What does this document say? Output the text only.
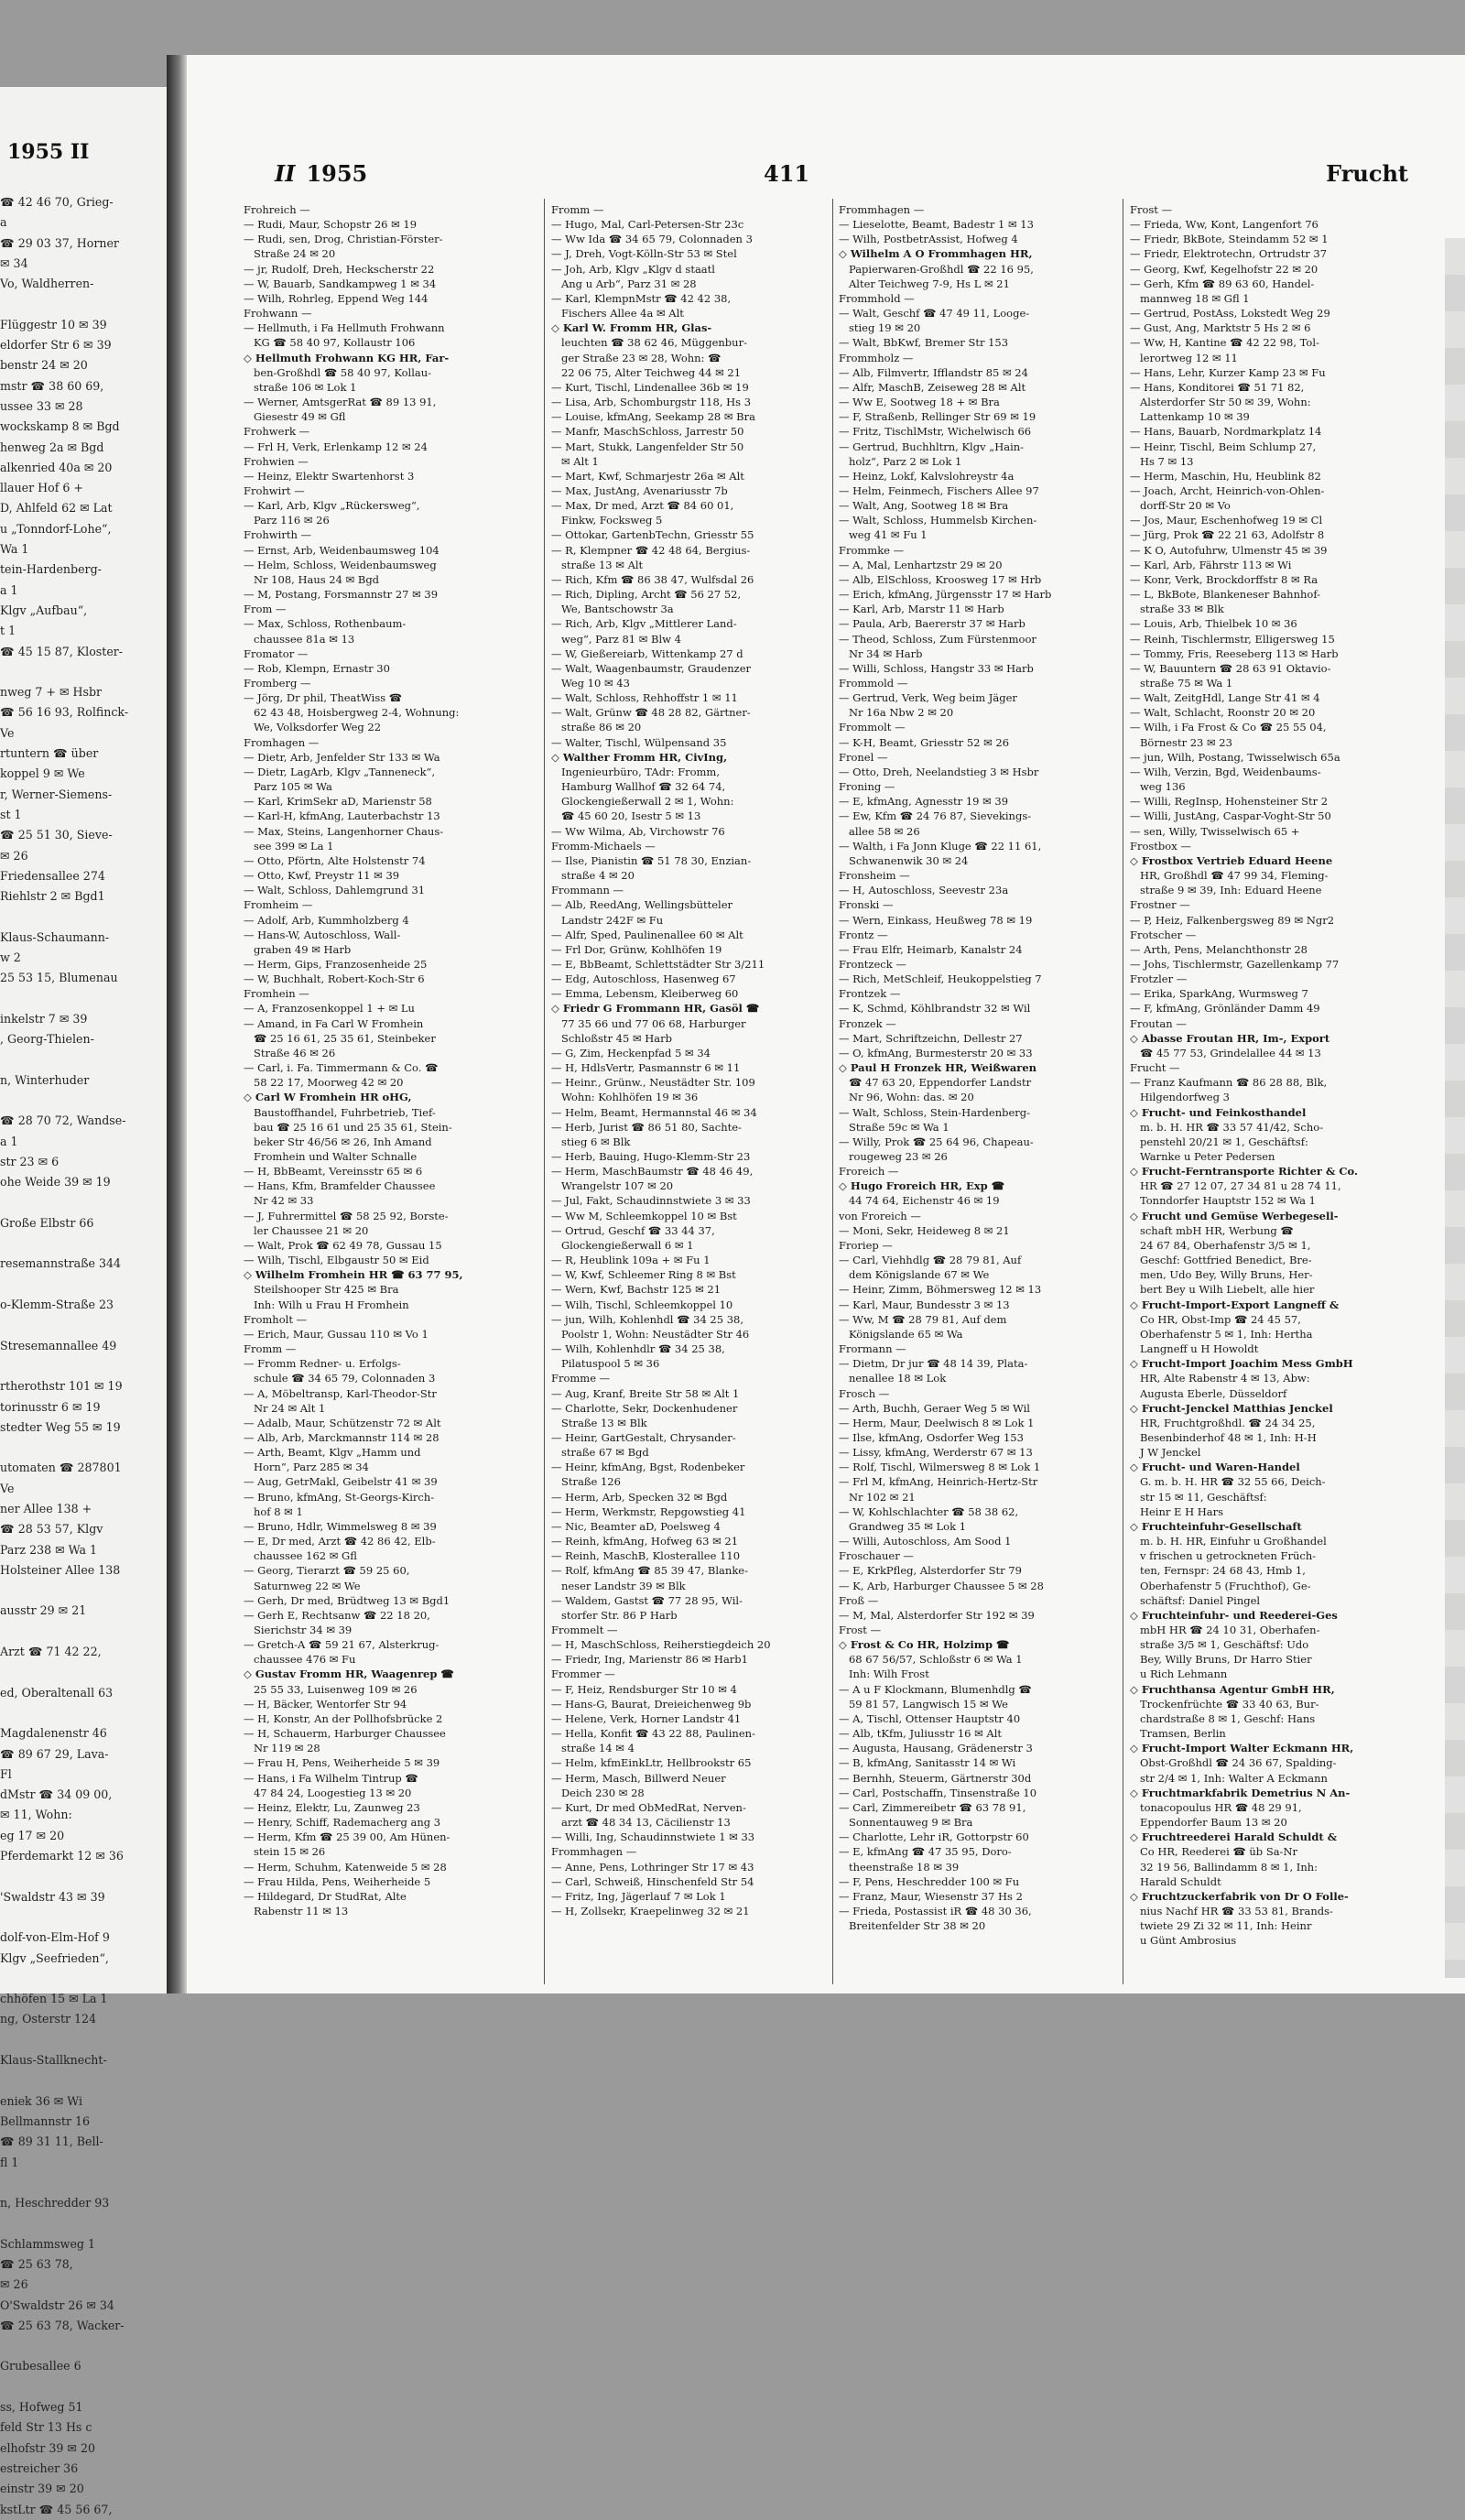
1955 II
☎ 42 46 70, Grieg-
a
☎ 29 03 37, Horner
✉ 34
Vo, Waldherren-

Flüggestr 10 ✉ 39
eldorfer Str 6 ✉ 39
benstr 24 ✉ 20
mstr ☎ 38 60 69,
ussee 33 ✉ 28
wockskamp 8 ✉ Bgd
henweg 2a ✉ Bgd
alkenried 40a ✉ 20
llauer Hof 6 +
D, Ahlfeld 62 ✉ Lat
u „Tonndorf-Lohe“,
Wa 1
tein-Hardenberg-
a 1
Klgv „Aufbau“,
t 1
☎ 45 15 87, Kloster-

nweg 7 + ✉ Hsbr
☎ 56 16 93, Rolfinck-
Ve
rtuntern ☎ über
koppel 9 ✉ We
r, Werner-Siemens-
st 1
☎ 25 51 30, Sieve-
✉ 26
Friedensallee 274
Riehlstr 2 ✉ Bgd1

Klaus-Schaumann-
w 2
25 53 15, Blumenau

inkelstr 7 ✉ 39
, Georg-Thielen-

n, Winterhuder

☎ 28 70 72, Wandse-
a 1
str 23 ✉ 6
ohe Weide 39 ✉ 19

Große Elbstr 66

resemannstraße 344

o-Klemm-Straße 23

Stresemannallee 49

rtherothstr 101 ✉ 19
torinusstr 6 ✉ 19
stedter Weg 55 ✉ 19

utomaten ☎ 287801
Ve
ner Allee 138 +
☎ 28 53 57, Klgv
Parz 238 ✉ Wa 1
Holsteiner Allee 138

ausstr 29 ✉ 21

Arzt ☎ 71 42 22,

ed, Oberaltenall 63

Magdalenenstr 46
☎ 89 67 29, Lava-
Fl
dMstr ☎ 34 09 00,
✉ 11, Wohn:
eg 17 ✉ 20
Pferdemarkt 12 ✉ 36

'Swaldstr 43 ✉ 39

dolf-von-Elm-Hof 9
Klgv „Seefrieden“,

chhöfen 15 ✉ La 1
ng, Osterstr 124

Klaus-Stallknecht-

eniek 36 ✉ Wi
Bellmannstr 16
☎ 89 31 11, Bell-
fl 1

n, Heschredder 93

Schlammsweg 1
☎ 25 63 78,
✉ 26
O'Swaldstr 26 ✉ 34
☎ 25 63 78, Wacker-

Grubesallee 6

ss, Hofweg 51
feld Str 13 Hs c
elhofstr 39 ✉ 20
estreicher 36
einstr 39 ✉ 20
kstLtr ☎ 45 56 67,
II 1955	411	Frucht
Frohreich —
— Rudi, Maur, Schopstr 26 ✉ 19
— Rudi, sen, Drog, Christian-Förster-
Straße 24 ✉ 20
— jr, Rudolf, Dreh, Heckscherstr 22
— W, Bauarb, Sandkampweg 1 ✉ 34
— Wilh, Rohrleg, Eppend Weg 144
Frohwann —
— Hellmuth, i Fa Hellmuth Frohwann
KG ☎ 58 40 97, Kollaustr 106
◇ Hellmuth Frohwann KG HR, Far-
ben-Großhdl ☎ 58 40 97, Kollau-
straße 106 ✉ Lok 1
— Werner, AmtsgerRat ☎ 89 13 91,
Giesestr 49 ✉ Gfl
Frohwerk —
— Frl H, Verk, Erlenkamp 12 ✉ 24
Frohwien —
— Heinz, Elektr Swartenhorst 3
Frohwirt —
— Karl, Arb, Klgv „Rückersweg“,
Parz 116 ✉ 26
Frohwirth —
— Ernst, Arb, Weidenbaumsweg 104
— Helm, Schloss, Weidenbaumsweg
Nr 108, Haus 24 ✉ Bgd
— M, Postang, Forsmannstr 27 ✉ 39
From —
— Max, Schloss, Rothenbaum-
chaussee 81a ✉ 13
Fromator —
— Rob, Klempn, Ernastr 30
Fromberg —
— Jörg, Dr phil, TheatWiss ☎
62 43 48, Hoisbergweg 2-4, Wohnung:
We, Volksdorfer Weg 22
Fromhagen —
— Dietr, Arb, Jenfelder Str 133 ✉ Wa
— Dietr, LagArb, Klgv „Tanneneck“,
Parz 105 ✉ Wa
— Karl, KrimSekr aD, Marienstr 58
— Karl-H, kfmAng, Lauterbachstr 13
— Max, Steins, Langenhorner Chaus-
see 399 ✉ La 1
— Otto, Pförtn, Alte Holstenstr 74
— Otto, Kwf, Preystr 11 ✉ 39
— Walt, Schloss, Dahlemgrund 31
Fromheim —
— Adolf, Arb, Kummholzberg 4
— Hans-W, Autoschloss, Wall-
graben 49 ✉ Harb
— Herm, Gips, Franzosenheide 25
— W, Buchhalt, Robert-Koch-Str 6
Fromhein —
— A, Franzosenkoppel 1 + ✉ Lu
— Amand, in Fa Carl W Fromhein
☎ 25 16 61, 25 35 61, Steinbeker
Straße 46 ✉ 26
— Carl, i. Fa. Timmermann & Co. ☎
58 22 17, Moorweg 42 ✉ 20
◇ Carl W Fromhein HR oHG,
Baustoffhandel, Fuhrbetrieb, Tief-
bau ☎ 25 16 61 und 25 35 61, Stein-
beker Str 46/56 ✉ 26, Inh Amand
Fromhein und Walter Schnalle
— H, BbBeamt, Vereinsstr 65 ✉ 6
— Hans, Kfm, Bramfelder Chaussee
Nr 42 ✉ 33
— J, Fuhrermittel ☎ 58 25 92, Borste-
ler Chaussee 21 ✉ 20
— Walt, Prok ☎ 62 49 78, Gussau 15
— Wilh, Tischl, Elbgaustr 50 ✉ Eid
◇ Wilhelm Fromhein HR ☎ 63 77 95,
Steilshooper Str 425 ✉ Bra
Inh: Wilh u Frau H Fromhein
Fromholt —
— Erich, Maur, Gussau 110 ✉ Vo 1
Fromm —
— Fromm Redner- u. Erfolgs-
schule ☎ 34 65 79, Colonnaden 3
— A, Möbeltransp, Karl-Theodor-Str
Nr 24 ✉ Alt 1
— Adalb, Maur, Schützenstr 72 ✉ Alt
— Alb, Arb, Marckmannstr 114 ✉ 28
— Arth, Beamt, Klgv „Hamm und
Horn“, Parz 285 ✉ 34
— Aug, GetrMakl, Geibelstr 41 ✉ 39
— Bruno, kfmAng, St-Georgs-Kirch-
hof 8 ✉ 1
— Bruno, Hdlr, Wimmelsweg 8 ✉ 39
— E, Dr med, Arzt ☎ 42 86 42, Elb-
chaussee 162 ✉ Gfl
— Georg, Tierarzt ☎ 59 25 60,
Saturnweg 22 ✉ We
— Gerh, Dr med, Brüdtweg 13 ✉ Bgd1
— Gerh E, Rechtsanw ☎ 22 18 20,
Sierichstr 34 ✉ 39
— Gretch-A ☎ 59 21 67, Alsterkrug-
chaussee 476 ✉ Fu
◇ Gustav Fromm HR, Waagenrep ☎
25 55 33, Luisenweg 109 ✉ 26
— H, Bäcker, Wentorfer Str 94
— H, Konstr, An der Pollhofsbrücke 2
— H, Schauerm, Harburger Chaussee
Nr 119 ✉ 28
— Frau H, Pens, Weiherheide 5 ✉ 39
— Hans, i Fa Wilhelm Tintrup ☎
47 84 24, Loogestieg 13 ✉ 20
— Heinz, Elektr, Lu, Zaunweg 23
— Henry, Schiff, Rademacherg ang 3
— Herm, Kfm ☎ 25 39 00, Am Hünen-
stein 15 ✉ 26
— Herm, Schuhm, Katenweide 5 ✉ 28
— Frau Hilda, Pens, Weiherheide 5
— Hildegard, Dr StudRat, Alte
Rabenstr 11 ✉ 13
Fromm —
— Hugo, Mal, Carl-Petersen-Str 23c
— Ww Ida ☎ 34 65 79, Colonnaden 3
— J, Dreh, Vogt-Kölln-Str 53 ✉ Stel
— Joh, Arb, Klgv „Klgv d staatl
Ang u Arb“, Parz 31 ✉ 28
— Karl, KlempnMstr ☎ 42 42 38,
Fischers Allee 4a ✉ Alt
◇ Karl W. Fromm HR, Glas-
leuchten ☎ 38 62 46, Müggenbur-
ger Straße 23 ✉ 28, Wohn: ☎
22 06 75, Alter Teichweg 44 ✉ 21
— Kurt, Tischl, Lindenallee 36b ✉ 19
— Lisa, Arb, Schomburgstr 118, Hs 3
— Louise, kfmAng, Seekamp 28 ✉ Bra
— Manfr, MaschSchloss, Jarrestr 50
— Mart, Stukk, Langenfelder Str 50
✉ Alt 1
— Mart, Kwf, Schmarjestr 26a ✉ Alt
— Max, JustAng, Avenariusstr 7b
— Max, Dr med, Arzt ☎ 84 60 01,
Finkw, Focksweg 5
— Ottokar, GartenbTechn, Griesstr 55
— R, Klempner ☎ 42 48 64, Bergius-
straße 13 ✉ Alt
— Rich, Kfm ☎ 86 38 47, Wulfsdal 26
— Rich, Dipling, Archt ☎ 56 27 52,
We, Bantschowstr 3a
— Rich, Arb, Klgv „Mittlerer Land-
weg“, Parz 81 ✉ Blw 4
— W, Gießereiarb, Wittenkamp 27 d
— Walt, Waagenbaumstr, Graudenzer
Weg 10 ✉ 43
— Walt, Schloss, Rehhoffstr 1 ✉ 11
— Walt, Grünw ☎ 48 28 82, Gärtner-
straße 86 ✉ 20
— Walter, Tischl, Wülpensand 35
◇ Walther Fromm HR, CivIng,
Ingenieurbüro, TAdr: Fromm,
Hamburg Wallhof ☎ 32 64 74,
Glockengießerwall 2 ✉ 1, Wohn:
☎ 45 60 20, Isestr 5 ✉ 13
— Ww Wilma, Ab, Virchowstr 76
Fromm-Michaels —
— Ilse, Pianistin ☎ 51 78 30, Enzian-
straße 4 ✉ 20
Frommann —
— Alb, ReedAng, Wellingsbütteler
Landstr 242F ✉ Fu
— Alfr, Sped, Paulinenallee 60 ✉ Alt
— Frl Dor, Grünw, Kohlhöfen 19
— E, BbBeamt, Schlettstädter Str 3/211
— Edg, Autoschloss, Hasenweg 67
— Emma, Lebensm, Kleiberweg 60
◇ Friedr G Frommann HR, Gasöl ☎
77 35 66 und 77 06 68, Harburger
Schloßstr 45 ✉ Harb
— G, Zim, Heckenpfad 5 ✉ 34
— H, HdlsVertr, Pasmannstr 6 ✉ 11
— Heinr., Grünw., Neustädter Str. 109
Wohn: Kohlhöfen 19 ✉ 36
— Helm, Beamt, Hermannstal 46 ✉ 34
— Herb, Jurist ☎ 86 51 80, Sachte-
stieg 6 ✉ Blk
— Herb, Bauing, Hugo-Klemm-Str 23
— Herm, MaschBaumstr ☎ 48 46 49,
Wrangelstr 107 ✉ 20
— Jul, Fakt, Schaudinnstwiete 3 ✉ 33
— Ww M, Schleemkoppel 10 ✉ Bst
— Ortrud, Geschf ☎ 33 44 37,
Glockengießerwall 6 ✉ 1
— R, Heublink 109a + ✉ Fu 1
— W, Kwf, Schleemer Ring 8 ✉ Bst
— Wern, Kwf, Bachstr 125 ✉ 21
— Wilh, Tischl, Schleemkoppel 10
— jun, Wilh, Kohlenhdl ☎ 34 25 38,
Poolstr 1, Wohn: Neustädter Str 46
— Wilh, Kohlenhdlr ☎ 34 25 38,
Pilatuspool 5 ✉ 36
Fromme —
— Aug, Kranf, Breite Str 58 ✉ Alt 1
— Charlotte, Sekr, Dockenhudener
Straße 13 ✉ Blk
— Heinr, GartGestalt, Chrysander-
straße 67 ✉ Bgd
— Heinr, kfmAng, Bgst, Rodenbeker
Straße 126
— Herm, Arb, Specken 32 ✉ Bgd
— Herm, Werkmstr, Repgowstieg 41
— Nic, Beamter aD, Poelsweg 4
— Reinh, kfmAng, Hofweg 63 ✉ 21
— Reinh, MaschB, Klosterallee 110
— Rolf, kfmAng ☎ 85 39 47, Blanke-
neser Landstr 39 ✉ Blk
— Waldem, Gastst ☎ 77 28 95, Wil-
storfer Str. 86 P Harb
Frommelt —
— H, MaschSchloss, Reiherstiegdeich 20
— Friedr, Ing, Marienstr 86 ✉ Harb1
Frommer —
— F, Heiz, Rendsburger Str 10 ✉ 4
— Hans-G, Baurat, Dreieichenweg 9b
— Helene, Verk, Horner Landstr 41
— Hella, Konfit ☎ 43 22 88, Paulinen-
straße 14 ✉ 4
— Helm, kfmEinkLtr, Hellbrookstr 65
— Herm, Masch, Billwerd Neuer
Deich 230 ✉ 28
— Kurt, Dr med ObMedRat, Nerven-
arzt ☎ 48 34 13, Cäcilienstr 13
— Willi, Ing, Schaudinnstwiete 1 ✉ 33
Frommhagen —
— Anne, Pens, Lothringer Str 17 ✉ 43
— Carl, Schweiß, Hinschenfeld Str 54
— Fritz, Ing, Jägerlauf 7 ✉ Lok 1
— H, Zollsekr, Kraepelinweg 32 ✉ 21
Frommhagen —
— Lieselotte, Beamt, Badestr 1 ✉ 13
— Wilh, PostbetrAssist, Hofweg 4
◇ Wilhelm A O Frommhagen HR,
Papierwaren-Großhdl ☎ 22 16 95,
Alter Teichweg 7-9, Hs L ✉ 21
Frommhold —
— Walt, Geschf ☎ 47 49 11, Looge-
stieg 19 ✉ 20
— Walt, BbKwf, Bremer Str 153
Frommholz —
— Alb, Filmvertr, Ifflandstr 85 ✉ 24
— Alfr, MaschB, Zeiseweg 28 ✉ Alt
— Ww E, Sootweg 18 + ✉ Bra
— F, Straßenb, Rellinger Str 69 ✉ 19
— Fritz, TischlMstr, Wichelwisch 66
— Gertrud, Buchhltrn, Klgv „Hain-
holz“, Parz 2 ✉ Lok 1
— Heinz, Lokf, Kalvslohreystr 4a
— Helm, Feinmech, Fischers Allee 97
— Walt, Ang, Sootweg 18 ✉ Bra
— Walt, Schloss, Hummelsb Kirchen-
weg 41 ✉ Fu 1
Frommke —
— A, Mal, Lenhartzstr 29 ✉ 20
— Alb, ElSchloss, Kroosweg 17 ✉ Hrb
— Erich, kfmAng, Jürgensstr 17 ✉ Harb
— Karl, Arb, Marstr 11 ✉ Harb
— Paula, Arb, Baererstr 37 ✉ Harb
— Theod, Schloss, Zum Fürstenmoor
Nr 34 ✉ Harb
— Willi, Schloss, Hangstr 33 ✉ Harb
Frommold —
— Gertrud, Verk, Weg beim Jäger
Nr 16a Nbw 2 ✉ 20
Frommolt —
— K-H, Beamt, Griesstr 52 ✉ 26
Fronel —
— Otto, Dreh, Neelandstieg 3 ✉ Hsbr
Froning —
— E, kfmAng, Agnesstr 19 ✉ 39
— Ew, Kfm ☎ 24 76 87, Sievekings-
allee 58 ✉ 26
— Walth, i Fa Jonn Kluge ☎ 22 11 61,
Schwanenwik 30 ✉ 24
Fronsheim —
— H, Autoschloss, Seevestr 23a
Fronski —
— Wern, Einkass, Heußweg 78 ✉ 19
Frontz —
— Frau Elfr, Heimarb, Kanalstr 24
Frontzeck —
— Rich, MetSchleif, Heukoppelstieg 7
Frontzek —
— K, Schmd, Köhlbrandstr 32 ✉ Wil
Fronzek —
— Mart, Schriftzeichn, Dellestr 27
— O, kfmAng, Burmesterstr 20 ✉ 33
◇ Paul H Fronzek HR, Weißwaren
☎ 47 63 20, Eppendorfer Landstr
Nr 96, Wohn: das. ✉ 20
— Walt, Schloss, Stein-Hardenberg-
Straße 59c ✉ Wa 1
— Willy, Prok ☎ 25 64 96, Chapeau-
rougeweg 23 ✉ 26
Froreich —
◇ Hugo Froreich HR, Exp ☎
44 74 64, Eichenstr 46 ✉ 19
von Froreich —
— Moni, Sekr, Heideweg 8 ✉ 21
Froriep —
— Carl, Viehhdlg ☎ 28 79 81, Auf
dem Königslande 67 ✉ We
— Heinr, Zimm, Böhmersweg 12 ✉ 13
— Karl, Maur, Bundesstr 3 ✉ 13
— Ww, M ☎ 28 79 81, Auf dem
Königslande 65 ✉ Wa
Frormann —
— Dietm, Dr jur ☎ 48 14 39, Plata-
nenallee 18 ✉ Lok
Frosch —
— Arth, Buchh, Geraer Weg 5 ✉ Wil
— Herm, Maur, Deelwisch 8 ✉ Lok 1
— Ilse, kfmAng, Osdorfer Weg 153
— Lissy, kfmAng, Werderstr 67 ✉ 13
— Rolf, Tischl, Wilmersweg 8 ✉ Lok 1
— Frl M, kfmAng, Heinrich-Hertz-Str
Nr 102 ✉ 21
— W, Kohlschlachter ☎ 58 38 62,
Grandweg 35 ✉ Lok 1
— Willi, Autoschloss, Am Sood 1
Froschauer —
— E, KrkPfleg, Alsterdorfer Str 79
— K, Arb, Harburger Chaussee 5 ✉ 28
Froß —
— M, Mal, Alsterdorfer Str 192 ✉ 39
Frost —
◇ Frost & Co HR, Holzimp ☎
68 67 56/57, Schloßstr 6 ✉ Wa 1
Inh: Wilh Frost
— A u F Klockmann, Blumenhdlg ☎
59 81 57, Langwisch 15 ✉ We
— A, Tischl, Ottenser Hauptstr 40
— Alb, tKfm, Juliusstr 16 ✉ Alt
— Augusta, Hausang, Grädenerstr 3
— B, kfmAng, Sanitasstr 14 ✉ Wi
— Bernhh, Steuerm, Gärtnerstr 30d
— Carl, Postschaffn, Tinsenstraße 10
— Carl, Zimmereibetr ☎ 63 78 91,
Sonnentauweg 9 ✉ Bra
— Charlotte, Lehr iR, Gottorpstr 60
— E, kfmAng ☎ 47 35 95, Doro-
theenstraße 18 ✉ 39
— F, Pens, Heschredder 100 ✉ Fu
— Franz, Maur, Wiesenstr 37 Hs 2
— Frieda, Postassist iR ☎ 48 30 36,
Breitenfelder Str 38 ✉ 20
Frost —
— Frieda, Ww, Kont, Langenfort 76
— Friedr, BkBote, Steindamm 52 ✉ 1
— Friedr, Elektrotechn, Ortrudstr 37
— Georg, Kwf, Kegelhofstr 22 ✉ 20
— Gerh, Kfm ☎ 89 63 60, Handel-
mannweg 18 ✉ Gfl 1
— Gertrud, PostAss, Lokstedt Weg 29
— Gust, Ang, Marktstr 5 Hs 2 ✉ 6
— Ww, H, Kantine ☎ 42 22 98, Tol-
lerortweg 12 ✉ 11
— Hans, Lehr, Kurzer Kamp 23 ✉ Fu
— Hans, Konditorei ☎ 51 71 82,
Alsterdorfer Str 50 ✉ 39, Wohn:
Lattenkamp 10 ✉ 39
— Hans, Bauarb, Nordmarkplatz 14
— Heinr, Tischl, Beim Schlump 27,
Hs 7 ✉ 13
— Herm, Maschin, Hu, Heublink 82
— Joach, Archt, Heinrich-von-Ohlen-
dorff-Str 20 ✉ Vo
— Jos, Maur, Eschenhofweg 19 ✉ Cl
— Jürg, Prok ☎ 22 21 63, Adolfstr 8
— K O, Autofuhrw, Ulmenstr 45 ✉ 39
— Karl, Arb, Fährstr 113 ✉ Wi
— Konr, Verk, Brockdorffstr 8 ✉ Ra
— L, BkBote, Blankeneser Bahnhof-
straße 33 ✉ Blk
— Louis, Arb, Thielbek 10 ✉ 36
— Reinh, Tischlermstr, Elligersweg 15
— Tommy, Fris, Reeseberg 113 ✉ Harb
— W, Bauuntern ☎ 28 63 91 Oktavio-
straße 75 ✉ Wa 1
— Walt, ZeitgHdl, Lange Str 41 ✉ 4
— Walt, Schlacht, Roonstr 20 ✉ 20
— Wilh, i Fa Frost & Co ☎ 25 55 04,
Börnestr 23 ✉ 23
— jun, Wilh, Postang, Twisselwisch 65a
— Wilh, Verzin, Bgd, Weidenbaums-
weg 136
— Willi, RegInsp, Hohensteiner Str 2
— Willi, JustAng, Caspar-Voght-Str 50
— sen, Willy, Twisselwisch 65 +
Frostbox —
◇ Frostbox Vertrieb Eduard Heene
HR, Großhdl ☎ 47 99 34, Fleming-
straße 9 ✉ 39, Inh: Eduard Heene
Frostner —
— P, Heiz, Falkenbergsweg 89 ✉ Ngr2
Frotscher —
— Arth, Pens, Melanchthonstr 28
— Johs, Tischlermstr, Gazellenkamp 77
Frotzler —
— Erika, SparkAng, Wurmsweg 7
— F, kfmAng, Grönländer Damm 49
Froutan —
◇ Abasse Froutan HR, Im-, Export
☎ 45 77 53, Grindelallee 44 ✉ 13
Frucht —
— Franz Kaufmann ☎ 86 28 88, Blk,
Hilgendorfweg 3
◇ Frucht- und Feinkosthandel
m. b. H. HR ☎ 33 57 41/42, Scho-
penstehl 20/21 ✉ 1, Geschäftsf:
Warnke u Peter Pedersen
◇ Frucht-Ferntransporte Richter & Co.
HR ☎ 27 12 07, 27 34 81 u 28 74 11,
Tonndorfer Hauptstr 152 ✉ Wa 1
◇ Frucht und Gemüse Werbegesell-
schaft mbH HR, Werbung ☎
24 67 84, Oberhafenstr 3/5 ✉ 1,
Geschf: Gottfried Benedict, Bre-
men, Udo Bey, Willy Bruns, Her-
bert Bey u Wilh Liebelt, alle hier
◇ Frucht-Import-Export Langneff &
Co HR, Obst-Imp ☎ 24 45 57,
Oberhafenstr 5 ✉ 1, Inh: Hertha
Langneff u H Howoldt
◇ Frucht-Import Joachim Mess GmbH
HR, Alte Rabenstr 4 ✉ 13, Abw:
Augusta Eberle, Düsseldorf
◇ Frucht-Jenckel Matthias Jenckel
HR, Fruchtgroßhdl. ☎ 24 34 25,
Besenbinderhof 48 ✉ 1, Inh: H-H
J W Jenckel
◇ Frucht- und Waren-Handel
G. m. b. H. HR ☎ 32 55 66, Deich-
str 15 ✉ 11, Geschäftsf:
Heinr E H Hars
◇ Fruchteinfuhr-Gesellschaft
m. b. H. HR, Einfuhr u Großhandel
v frischen u getrockneten Früch-
ten, Fernspr: 24 68 43, Hmb 1,
Oberhafenstr 5 (Fruchthof), Ge-
schäftsf: Daniel Pingel
◇ Fruchteinfuhr- und Reederei-Ges
mbH HR ☎ 24 10 31, Oberhafen-
straße 3/5 ✉ 1, Geschäftsf: Udo
Bey, Willy Bruns, Dr Harro Stier
u Rich Lehmann
◇ Fruchthansa Agentur GmbH HR,
Trockenfrüchte ☎ 33 40 63, Bur-
chardstraße 8 ✉ 1, Geschf: Hans
Tramsen, Berlin
◇ Frucht-Import Walter Eckmann HR,
Obst-Großhdl ☎ 24 36 67, Spalding-
str 2/4 ✉ 1, Inh: Walter A Eckmann
◇ Fruchtmarkfabrik Demetrius N An-
tonacopoulus HR ☎ 48 29 91,
Eppendorfer Baum 13 ✉ 20
◇ Fruchtreederei Harald Schuldt &
Co HR, Reederei ☎ üb Sa-Nr
32 19 56, Ballindamm 8 ✉ 1, Inh:
Harald Schuldt
◇ Fruchtzuckerfabrik von Dr O Folle-
nius Nachf HR ☎ 33 53 81, Brands-
twiete 29 Zi 32 ✉ 11, Inh: Heinr
u Günt Ambrosius
